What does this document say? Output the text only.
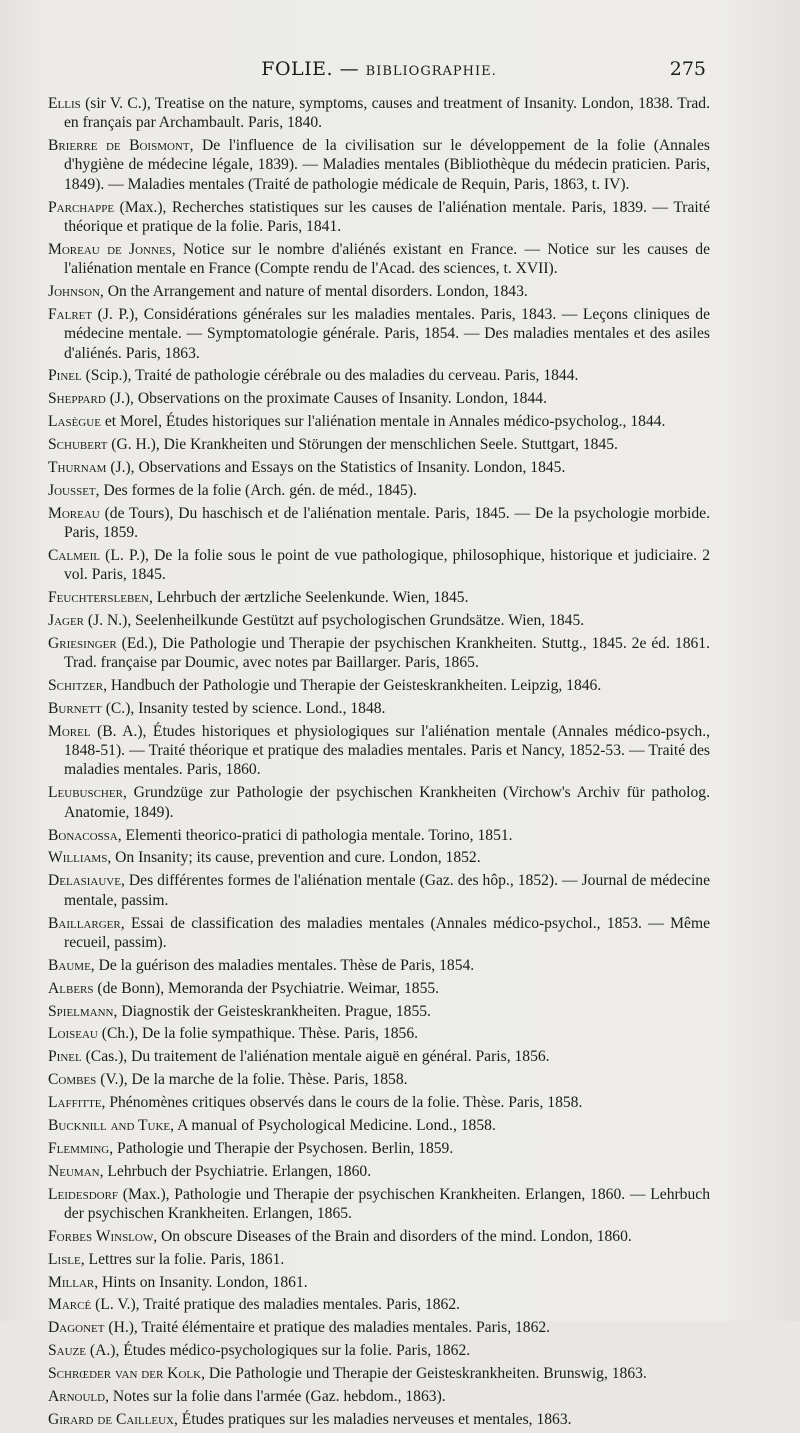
FOLIE. — BIBLIOGRAPHIE.	275

Ellis (sir V. C.), Treatise on the nature, symptoms, causes and treatment of Insanity. London, 1838. Trad. en français par Archambault. Paris, 1840.

Brierre de Boismont, De l'influence de la civilisation sur le développement de la folie (Annales d'hygiène de médecine légale, 1839). — Maladies mentales (Bibliothèque du médecin praticien. Paris, 1849). — Maladies mentales (Traité de pathologie médicale de Requin, Paris, 1863, t. IV).

Parchappe (Max.), Recherches statistiques sur les causes de l'aliénation mentale. Paris, 1839. — Traité théorique et pratique de la folie. Paris, 1841.

Moreau de Jonnes, Notice sur le nombre d'aliénés existant en France. — Notice sur les causes de l'aliénation mentale en France (Compte rendu de l'Acad. des sciences, t. XVII).

Johnson, On the Arrangement and nature of mental disorders. London, 1843.

Falret (J. P.), Considérations générales sur les maladies mentales. Paris, 1843. — Leçons cliniques de médecine mentale. — Symptomatologie générale. Paris, 1854. — Des maladies mentales et des asiles d'aliénés. Paris, 1863.

Pinel (Scip.), Traité de pathologie cérébrale ou des maladies du cerveau. Paris, 1844.

Sheppard (J.), Observations on the proximate Causes of Insanity. London, 1844.

Lasègue et Morel, Études historiques sur l'aliénation mentale in Annales médico-psycholog., 1844.

Schubert (G. H.), Die Krankheiten und Störungen der menschlichen Seele. Stuttgart, 1845.

Thurnam (J.), Observations and Essays on the Statistics of Insanity. London, 1845.

Jousset, Des formes de la folie (Arch. gén. de méd., 1845).

Moreau (de Tours), Du haschisch et de l'aliénation mentale. Paris, 1845. — De la psychologie morbide. Paris, 1859.

Calmeil (L. P.), De la folie sous le point de vue pathologique, philosophique, historique et judiciaire. 2 vol. Paris, 1845.

Feuchtersleben, Lehrbuch der ærtzliche Seelenkunde. Wien, 1845.

Jager (J. N.), Seelenheilkunde Gestützt auf psychologischen Grundsätze. Wien, 1845.

Griesinger (Ed.), Die Pathologie und Therapie der psychischen Krankheiten. Stuttg., 1845. 2e éd. 1861. Trad. française par Doumic, avec notes par Baillarger. Paris, 1865.

Schitzer, Handbuch der Pathologie und Therapie der Geisteskrankheiten. Leipzig, 1846.

Burnett (C.), Insanity tested by science. Lond., 1848.

Morel (B. A.), Études historiques et physiologiques sur l'aliénation mentale (Annales médico-psych., 1848-51). — Traité théorique et pratique des maladies mentales. Paris et Nancy, 1852-53. — Traité des maladies mentales. Paris, 1860.

Leubuscher, Grundzüge zur Pathologie der psychischen Krankheiten (Virchow's Archiv für patholog. Anatomie, 1849).

Bonacossa, Elementi theorico-pratici di pathologia mentale. Torino, 1851.

Williams, On Insanity; its cause, prevention and cure. London, 1852.

Delasiauve, Des différentes formes de l'aliénation mentale (Gaz. des hôp., 1852). — Journal de médecine mentale, passim.

Baillarger, Essai de classification des maladies mentales (Annales médico-psychol., 1853. — Même recueil, passim).

Baume, De la guérison des maladies mentales. Thèse de Paris, 1854.

Albers (de Bonn), Memoranda der Psychiatrie. Weimar, 1855.

Spielmann, Diagnostik der Geisteskrankheiten. Prague, 1855.

Loiseau (Ch.), De la folie sympathique. Thèse. Paris, 1856.

Pinel (Cas.), Du traitement de l'aliénation mentale aiguë en général. Paris, 1856.

Combes (V.), De la marche de la folie. Thèse. Paris, 1858.

Laffitte, Phénomènes critiques observés dans le cours de la folie. Thèse. Paris, 1858.

Bucknill and Tuke, A manual of Psychological Medicine. Lond., 1858.

Flemming, Pathologie und Therapie der Psychosen. Berlin, 1859.

Neuman, Lehrbuch der Psychiatrie. Erlangen, 1860.

Leidesdorf (Max.), Pathologie und Therapie der psychischen Krankheiten. Erlangen, 1860. — Lehrbuch der psychischen Krankheiten. Erlangen, 1865.

Forbes Winslow, On obscure Diseases of the Brain and disorders of the mind. London, 1860.

Lisle, Lettres sur la folie. Paris, 1861.

Millar, Hints on Insanity. London, 1861.

Marcé (L. V.), Traité pratique des maladies mentales. Paris, 1862.

Dagonet (H.), Traité élémentaire et pratique des maladies mentales. Paris, 1862.

Sauze (A.), Études médico-psychologiques sur la folie. Paris, 1862.

Schrœder van der Kolk, Die Pathologie und Therapie der Geisteskrankheiten. Brunswig, 1863.

Arnould, Notes sur la folie dans l'armée (Gaz. hebdom., 1863).

Girard de Cailleux, Études pratiques sur les maladies nerveuses et mentales, 1863.
